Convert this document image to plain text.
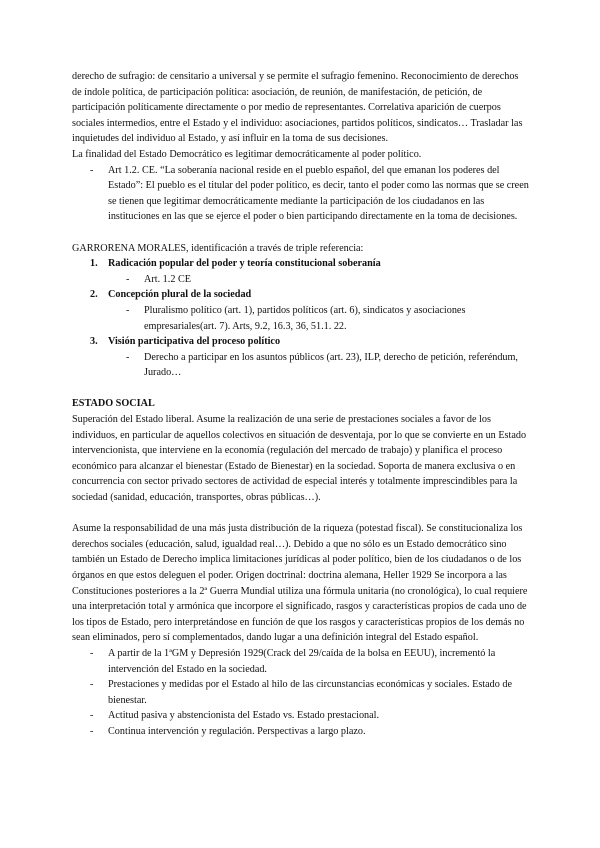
derecho de sufragio: de censitario a universal y se permite el sufragio femenino. Reconocimiento de derechos de índole política, de participación política: asociación, de reunión, de manifestación, de petición, de participación políticamente directamente o por medio de representantes. Correlativa aparición de cuerpos sociales intermedios, entre el Estado y el individuo: asociaciones, partidos políticos, sindicatos… Trasladar las inquietudes del individuo al Estado, y así influir en la toma de sus decisiones.

La finalidad del Estado Democrático es legitimar democráticamente al poder político.

- Art 1.2. CE. “La soberanía nacional reside en el pueblo español, del que emanan los poderes del Estado”: El pueblo es el titular del poder político, es decir, tanto el poder como las normas que se creen se tienen que legitimar democráticamente mediante la participación de los ciudadanos en las instituciones en las que se ejerce el poder o bien participando directamente en la toma de decisiones.

GARRORENA MORALES, identificación a través de triple referencia:

1. Radicación popular del poder y teoría constitucional soberanía
- Art. 1.2 CE
2. Concepción plural de la sociedad
- Pluralismo político (art. 1), partidos políticos (art. 6), sindicatos y asociaciones empresariales(art. 7). Arts, 9.2, 16.3, 36, 51.1. 22.
3. Visión participativa del proceso político
- Derecho a participar en los asuntos públicos (art. 23), ILP, derecho de petición, referéndum, Jurado…

ESTADO SOCIAL

Superación del Estado liberal. Asume la realización de una serie de prestaciones sociales a favor de los individuos, en particular de aquellos colectivos en situación de desventaja, por lo que se convierte en un Estado intervencionista, que interviene en la economía (regulación del mercado de trabajo) y planifica el proceso económico para alcanzar el bienestar (Estado de Bienestar) en la sociedad. Soporta de manera exclusiva o en concurrencia con sector privado sectores de actividad de especial interés y totalmente imprescindibles para la sociedad (sanidad, educación, transportes, obras públicas…).

Asume la responsabilidad de una más justa distribución de la riqueza (potestad fiscal). Se constitucionaliza los derechos sociales (educación, salud, igualdad real…). Debido a que no sólo es un Estado democrático sino también un Estado de Derecho implica limitaciones jurídicas al poder político, bien de los ciudadanos o de los órganos en que estos deleguen el poder. Origen doctrinal: doctrina alemana, Heller 1929 Se incorpora a las Constituciones posteriores a la 2ª Guerra Mundial utiliza una fórmula unitaria (no cronológica), lo cual requiere una interpretación total y armónica que incorpore el significado, rasgos y características propios de cada uno de los tipos de Estado, pero interpretándose en función de que los rasgos y características propios de los demás no sean eliminados, pero sí complementados, dando lugar a una definición integral del Estado español.

- A partir de la 1ªGM y Depresión 1929(Crack del 29/caída de la bolsa en EEUU), incrementó la intervención del Estado en la sociedad.
- Prestaciones y medidas por el Estado al hilo de las circunstancias económicas y sociales. Estado de bienestar.
- Actitud pasiva y abstencionista del Estado vs. Estado prestacional.
- Continua intervención y regulación. Perspectivas a largo plazo.
